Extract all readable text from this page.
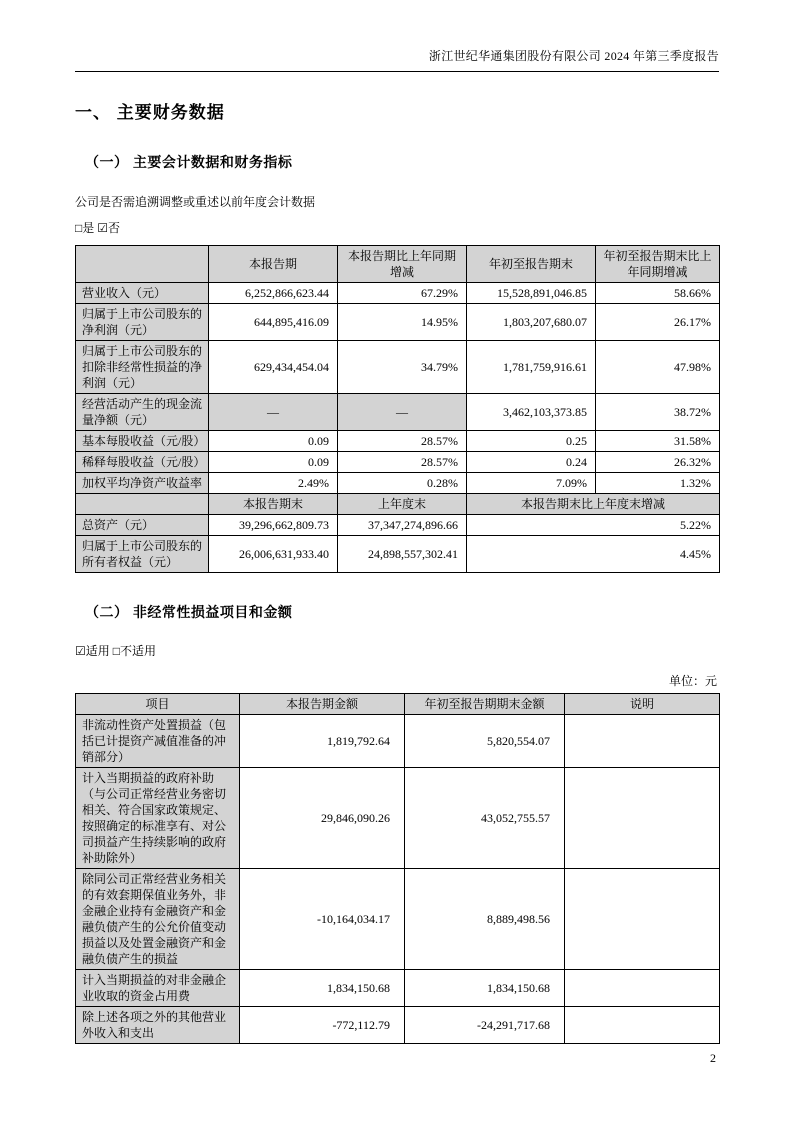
浙江世纪华通集团股份有限公司 2024 年第三季度报告
一、 主要财务数据
（一） 主要会计数据和财务指标

公司是否需追溯调整或重述以前年度会计数据

□是 ☑否

	本报告期	本报告期比上年同期增减	年初至报告期末	年初至报告期末比上年同期增减
营业收入（元）	6,252,866,623.44	67.29%	15,528,891,046.85	58.66%
归属于上市公司股东的净利润（元）	644,895,416.09	14.95%	1,803,207,680.07	26.17%
归属于上市公司股东的扣除非经常性损益的净利润（元）	629,434,454.04	34.79%	1,781,759,916.61	47.98%
经营活动产生的现金流量净额（元）	—	—	3,462,103,373.85	38.72%
基本每股收益（元/股）	0.09	28.57%	0.25	31.58%
稀释每股收益（元/股）	0.09	28.57%	0.24	26.32%
加权平均净资产收益率	2.49%	0.28%	7.09%	1.32%
	本报告期末	上年度末	本报告期末比上年度末增减	
总资产（元）	39,296,662,809.73	37,347,274,896.66	5.22%	
归属于上市公司股东的所有者权益（元）	26,006,631,933.40	24,898,557,302.41	4.45%	
（二） 非经常性损益项目和金额

☑适用 □不适用

单位：元

项目	本报告期金额	年初至报告期期末金额	说明
非流动性资产处置损益（包括已计提资产减值准备的冲销部分）	1,819,792.64	5,820,554.07	
计入当期损益的政府补助（与公司正常经营业务密切相关、符合国家政策规定、按照确定的标准享有、对公司损益产生持续影响的政府补助除外）	29,846,090.26	43,052,755.57	
除同公司正常经营业务相关的有效套期保值业务外，非金融企业持有金融资产和金融负债产生的公允价值变动损益以及处置金融资产和金融负债产生的损益	-10,164,034.17	8,889,498.56	
计入当期损益的对非金融企业收取的资金占用费	1,834,150.68	1,834,150.68	
除上述各项之外的其他营业外收入和支出	-772,112.79	-24,291,717.68	
2
